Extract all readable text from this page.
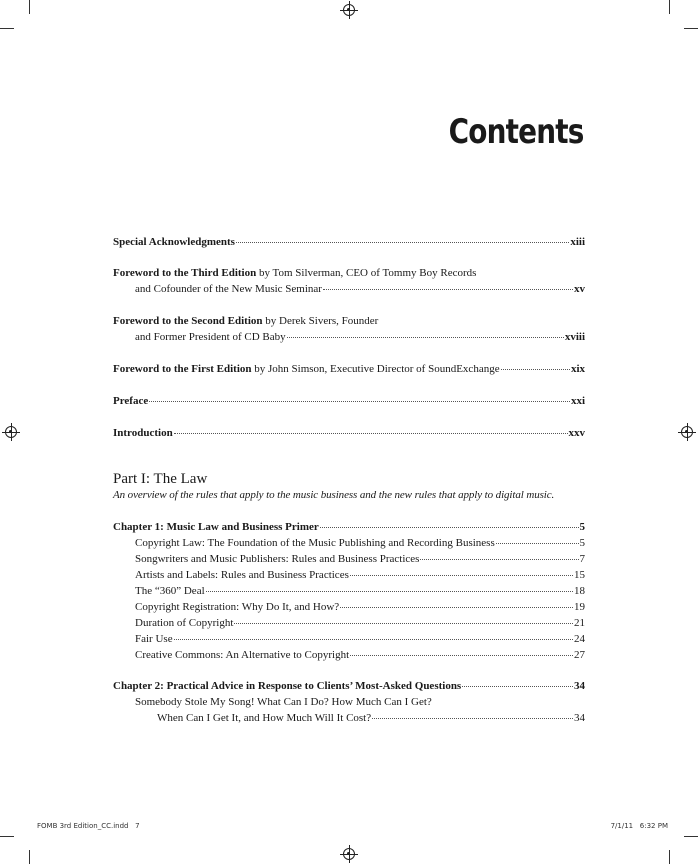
Contents
Special Acknowledgments	xiii
Foreword to the Third Edition by Tom Silverman, CEO of Tommy Boy Records
and Cofounder of the New Music Seminar	xv
Foreword to the Second Edition by Derek Sivers, Founder
and Former President of CD Baby	xviii
Foreword to the First Edition by John Simson, Executive Director of SoundExchange	xix
Preface	xxi
Introduction	xxv
Part I: The Law
An overview of the rules that apply to the music business and the new rules that apply to digital music.
Chapter 1: Music Law and Business Primer	5
Copyright Law: The Foundation of the Music Publishing and Recording Business	5
Songwriters and Music Publishers: Rules and Business Practices	7
Artists and Labels: Rules and Business Practices	15
The “360” Deal	18
Copyright Registration: Why Do It, and How?	19
Duration of Copyright	21
Fair Use	24
Creative Commons: An Alternative to Copyright	27
Chapter 2: Practical Advice in Response to Clients’ Most-Asked Questions	34
Somebody Stole My Song! What Can I Do? How Much Can I Get?
When Can I Get It, and How Much Will It Cost?	34
FOMB 3rd Edition_CC.indd   7	7/1/11   6:32 PM
